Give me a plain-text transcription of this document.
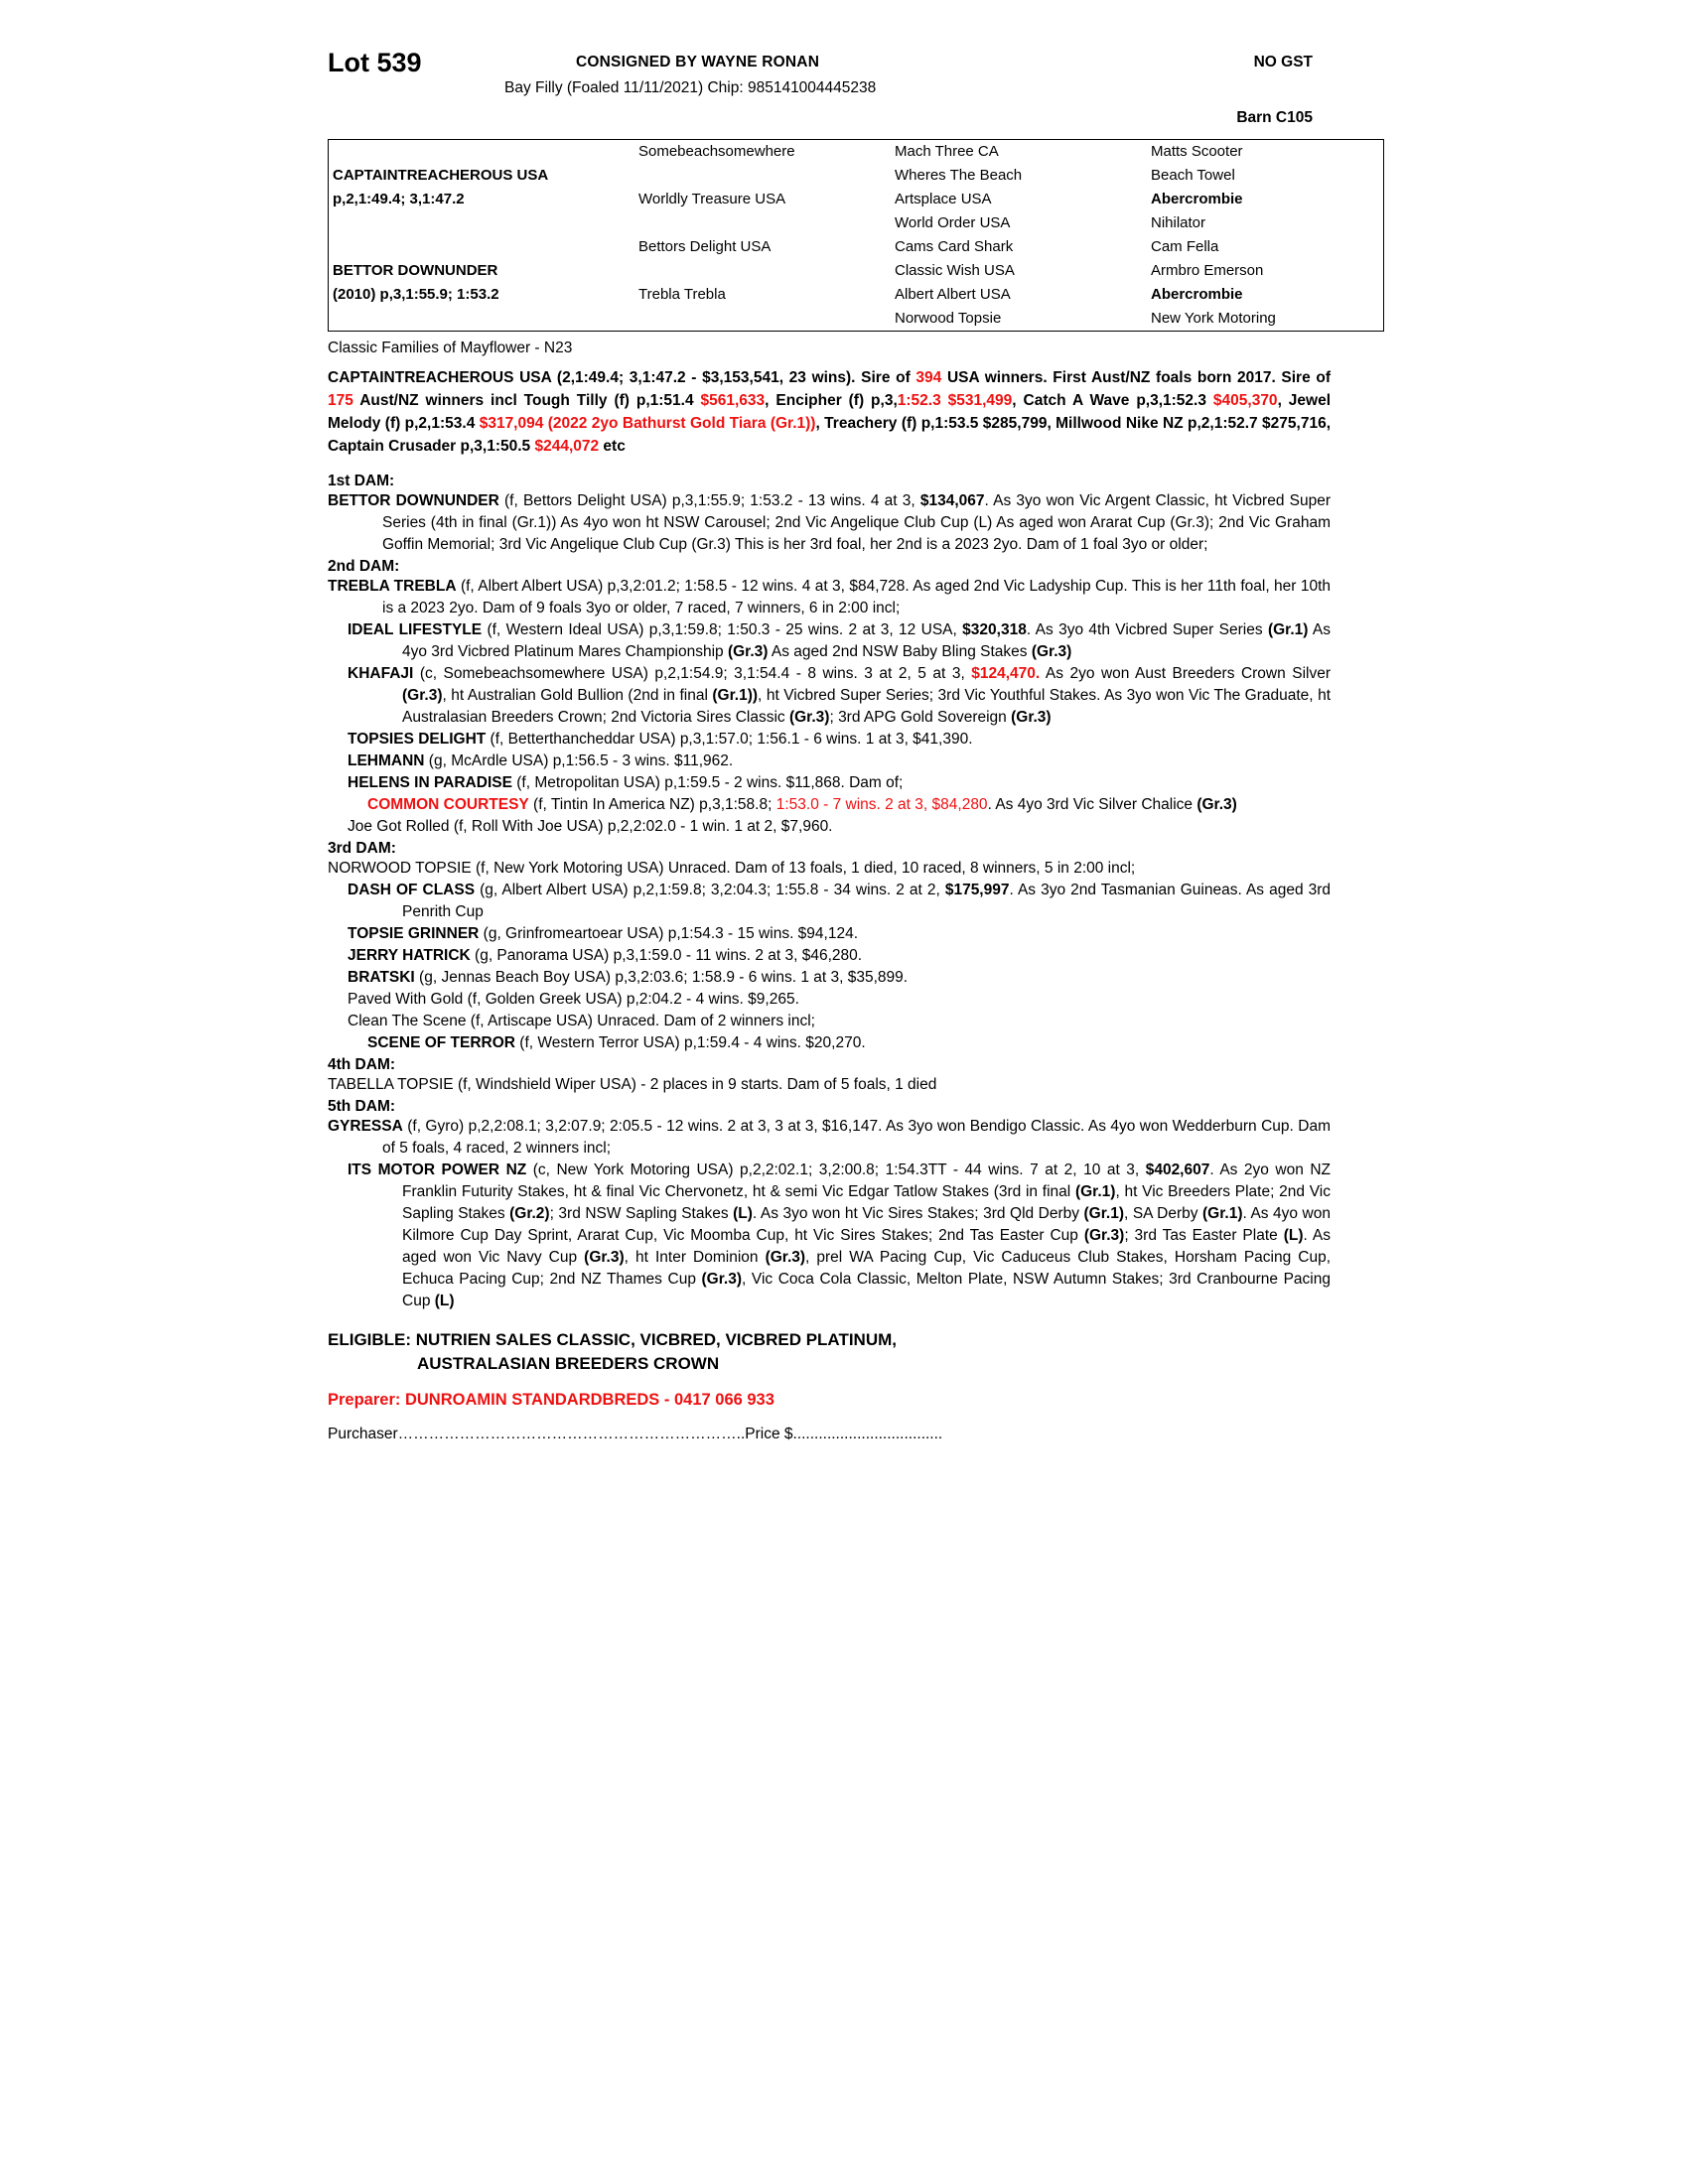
Lot 539	CONSIGNED BY WAYNE RONAN	NO GST
Bay Filly (Foaled 11/11/2021) Chip: 985141004445238
Barn C105
	Somebeachsomewhere	Mach Three CA	Matts Scooter
CAPTAINTREACHEROUS USA		Wheres The Beach	Beach Towel
p,2,1:49.4; 3,1:47.2	Worldly Treasure USA	Artsplace USA	Abercrombie
		World Order USA	Nihilator
	Bettors Delight USA	Cams Card Shark	Cam Fella
BETTOR DOWNUNDER		Classic Wish USA	Armbro Emerson
(2010) p,3,1:55.9; 1:53.2	Trebla Trebla	Albert Albert USA	Abercrombie
		Norwood Topsie	New York Motoring
Classic Families of Mayflower - N23
CAPTAINTREACHEROUS USA (2,1:49.4; 3,1:47.2 - $3,153,541, 23 wins). Sire of 394 USA winners. First Aust/NZ foals born 2017. Sire of 175 Aust/NZ winners incl Tough Tilly (f) p,1:51.4 $561,633, Encipher (f) p,3,1:52.3 $531,499, Catch A Wave p,3,1:52.3 $405,370, Jewel Melody (f) p,2,1:53.4 $317,094 (2022 2yo Bathurst Gold Tiara (Gr.1)), Treachery (f) p,1:53.5 $285,799, Millwood Nike NZ p,2,1:52.7 $275,716, Captain Crusader p,3,1:50.5 $244,072 etc
1st DAM:

BETTOR DOWNUNDER (f, Bettors Delight USA) p,3,1:55.9; 1:53.2 - 13 wins. 4 at 3, $134,067. As 3yo won Vic Argent Classic, ht Vicbred Super Series (4th in final (Gr.1)) As 4yo won ht NSW Carousel; 2nd Vic Angelique Club Cup (L) As aged won Ararat Cup (Gr.3); 2nd Vic Graham Goffin Memorial; 3rd Vic Angelique Club Cup (Gr.3) This is her 3rd foal, her 2nd is a 2023 2yo. Dam of 1 foal 3yo or older;

2nd DAM:

TREBLA TREBLA (f, Albert Albert USA) p,3,2:01.2; 1:58.5 - 12 wins. 4 at 3, $84,728. As aged 2nd Vic Ladyship Cup. This is her 11th foal, her 10th is a 2023 2yo. Dam of 9 foals 3yo or older, 7 raced, 7 winners, 6 in 2:00 incl;

IDEAL LIFESTYLE (f, Western Ideal USA) p,3,1:59.8; 1:50.3 - 25 wins. 2 at 3, 12 USA, $320,318. As 3yo 4th Vicbred Super Series (Gr.1) As 4yo 3rd Vicbred Platinum Mares Championship (Gr.3) As aged 2nd NSW Baby Bling Stakes (Gr.3)

KHAFAJI (c, Somebeachsomewhere USA) p,2,1:54.9; 3,1:54.4 - 8 wins. 3 at 2, 5 at 3, $124,470. As 2yo won Aust Breeders Crown Silver (Gr.3), ht Australian Gold Bullion (2nd in final (Gr.1)), ht Vicbred Super Series; 3rd Vic Youthful Stakes. As 3yo won Vic The Graduate, ht Australasian Breeders Crown; 2nd Victoria Sires Classic (Gr.3); 3rd APG Gold Sovereign (Gr.3)

TOPSIES DELIGHT (f, Betterthancheddar USA) p,3,1:57.0; 1:56.1 - 6 wins. 1 at 3, $41,390.

LEHMANN (g, McArdle USA) p,1:56.5 - 3 wins. $11,962.

HELENS IN PARADISE (f, Metropolitan USA) p,1:59.5 - 2 wins. $11,868. Dam of;

COMMON COURTESY (f, Tintin In America NZ) p,3,1:58.8; 1:53.0 - 7 wins. 2 at 3, $84,280. As 4yo 3rd Vic Silver Chalice (Gr.3)

Joe Got Rolled (f, Roll With Joe USA) p,2,2:02.0 - 1 win. 1 at 2, $7,960.

3rd DAM:

NORWOOD TOPSIE (f, New York Motoring USA) Unraced. Dam of 13 foals, 1 died, 10 raced, 8 winners, 5 in 2:00 incl;

DASH OF CLASS (g, Albert Albert USA) p,2,1:59.8; 3,2:04.3; 1:55.8 - 34 wins. 2 at 2, $175,997. As 3yo 2nd Tasmanian Guineas. As aged 3rd Penrith Cup

TOPSIE GRINNER (g, Grinfromeartoear USA) p,1:54.3 - 15 wins. $94,124.

JERRY HATRICK (g, Panorama USA) p,3,1:59.0 - 11 wins. 2 at 3, $46,280.

BRATSKI (g, Jennas Beach Boy USA) p,3,2:03.6; 1:58.9 - 6 wins. 1 at 3, $35,899.

Paved With Gold (f, Golden Greek USA) p,2:04.2 - 4 wins. $9,265.

Clean The Scene (f, Artiscape USA) Unraced. Dam of 2 winners incl;

SCENE OF TERROR (f, Western Terror USA) p,1:59.4 - 4 wins. $20,270.

4th DAM:

TABELLA TOPSIE (f, Windshield Wiper USA) - 2 places in 9 starts. Dam of 5 foals, 1 died

5th DAM:

GYRESSA (f, Gyro) p,2,2:08.1; 3,2:07.9; 2:05.5 - 12 wins. 2 at 3, 3 at 3, $16,147. As 3yo won Bendigo Classic. As 4yo won Wedderburn Cup. Dam of 5 foals, 4 raced, 2 winners incl;

ITS MOTOR POWER NZ (c, New York Motoring USA) p,2,2:02.1; 3,2:00.8; 1:54.3TT - 44 wins. 7 at 2, 10 at 3, $402,607. As 2yo won NZ Franklin Futurity Stakes, ht & final Vic Chervonetz, ht & semi Vic Edgar Tatlow Stakes (3rd in final (Gr.1), ht Vic Breeders Plate; 2nd Vic Sapling Stakes (Gr.2); 3rd NSW Sapling Stakes (L). As 3yo won ht Vic Sires Stakes; 3rd Qld Derby (Gr.1), SA Derby (Gr.1). As 4yo won Kilmore Cup Day Sprint, Ararat Cup, Vic Moomba Cup, ht Vic Sires Stakes; 2nd Tas Easter Cup (Gr.3); 3rd Tas Easter Plate (L). As aged won Vic Navy Cup (Gr.3), ht Inter Dominion (Gr.3), prel WA Pacing Cup, Vic Caduceus Club Stakes, Horsham Pacing Cup, Echuca Pacing Cup; 2nd NZ Thames Cup (Gr.3), Vic Coca Cola Classic, Melton Plate, NSW Autumn Stakes; 3rd Cranbourne Pacing Cup (L)

ELIGIBLE: NUTRIEN SALES CLASSIC, VICBRED, VICBRED PLATINUM,
AUSTRALASIAN BREEDERS CROWN
Preparer: DUNROAMIN STANDARDBREDS - 0417 066 933
Purchaser…………………………………………………………..Price $...................................
